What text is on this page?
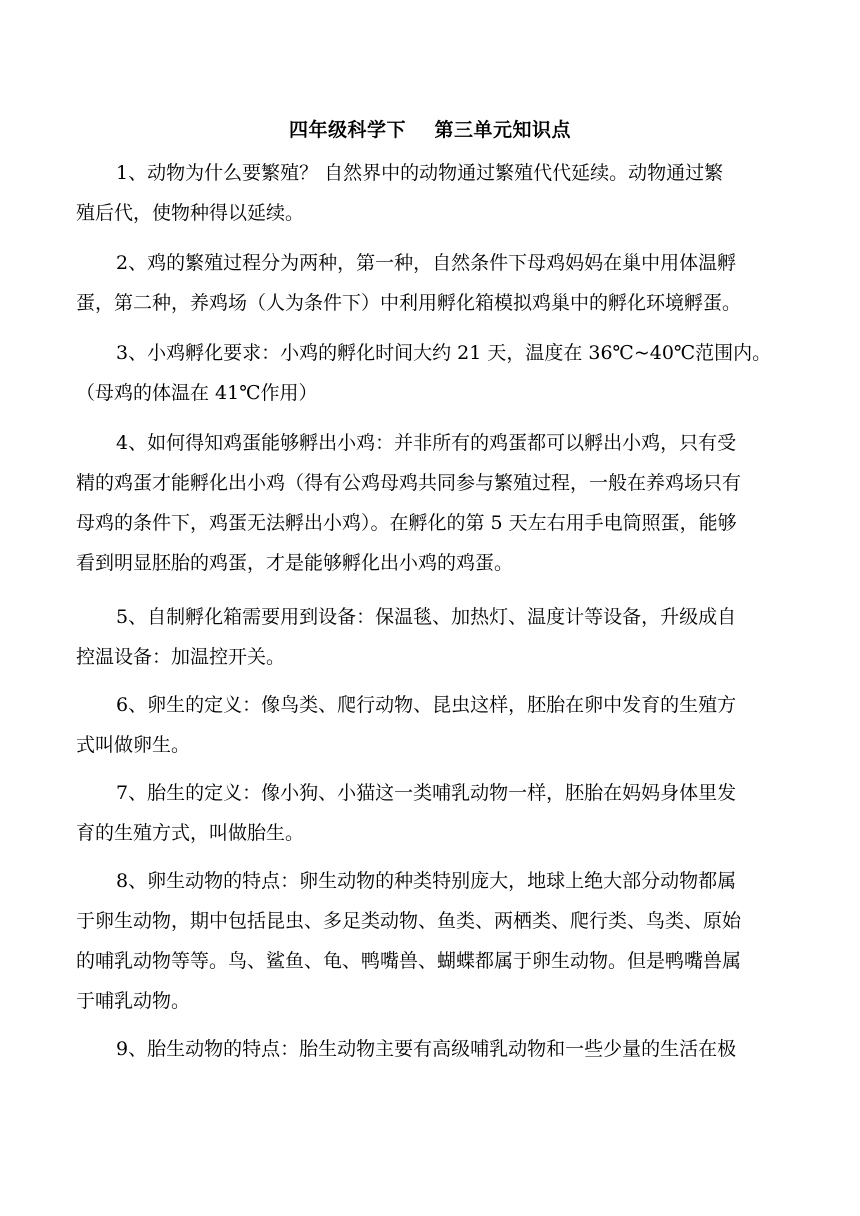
四年级科学下    第三单元知识点

1、动物为什么要繁殖？ 自然界中的动物通过繁殖代代延续。动物通过繁
殖后代，使物种得以延续。

2、鸡的繁殖过程分为两种，第一种，自然条件下母鸡妈妈在巢中用体温孵
蛋，第二种，养鸡场（人为条件下）中利用孵化箱模拟鸡巢中的孵化环境孵蛋。

3、小鸡孵化要求：小鸡的孵化时间大约 21 天，温度在 36℃~40℃范围内。
（母鸡的体温在 41℃作用）

4、如何得知鸡蛋能够孵出小鸡：并非所有的鸡蛋都可以孵出小鸡，只有受
精的鸡蛋才能孵化出小鸡（得有公鸡母鸡共同参与繁殖过程，一般在养鸡场只有
母鸡的条件下，鸡蛋无法孵出小鸡）。在孵化的第 5 天左右用手电筒照蛋，能够
看到明显胚胎的鸡蛋，才是能够孵化出小鸡的鸡蛋。

5、自制孵化箱需要用到设备：保温毯、加热灯、温度计等设备，升级成自
控温设备：加温控开关。

6、卵生的定义：像鸟类、爬行动物、昆虫这样，胚胎在卵中发育的生殖方
式叫做卵生。

7、胎生的定义：像小狗、小猫这一类哺乳动物一样，胚胎在妈妈身体里发
育的生殖方式，叫做胎生。

8、卵生动物的特点：卵生动物的种类特别庞大，地球上绝大部分动物都属
于卵生动物，期中包括昆虫、多足类动物、鱼类、两栖类、爬行类、鸟类、原始
的哺乳动物等等。鸟、鲨鱼、龟、鸭嘴兽、蝴蝶都属于卵生动物。但是鸭嘴兽属
于哺乳动物。

9、胎生动物的特点：胎生动物主要有高级哺乳动物和一些少量的生活在极
